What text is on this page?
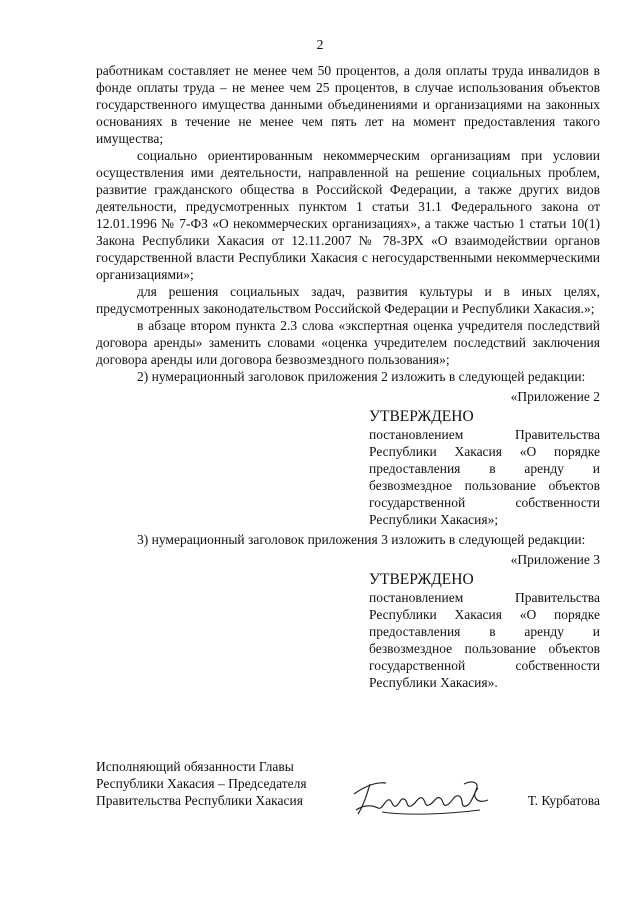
2

работникам составляет не менее чем 50 процентов, а доля оплаты труда инвалидов в фонде оплаты труда – не менее чем 25 процентов, в случае использования объектов государственного имущества данными объединениями и организациями на законных основаниях в течение не менее чем пять лет на момент предоставления такого имущества;

социально ориентированным некоммерческим организациям при условии осуществления ими деятельности, направленной на решение социальных проблем, развитие гражданского общества в Российской Федерации, а также других видов деятельности, предусмотренных пунктом 1 статьи 31.1 Федерального закона от 12.01.1996 № 7-ФЗ «О некоммерческих организациях», а также частью 1 статьи 10(1) Закона Республики Хакасия от 12.11.2007 № 78-ЗРХ «О взаимодействии органов государственной власти Республики Хакасия с негосударственными некоммерческими организациями»;

для решения социальных задач, развития культуры и в иных целях, предусмотренных законодательством Российской Федерации и Республики Хакасия.»;

в абзаце втором пункта 2.3 слова «экспертная оценка учредителя последствий договора аренды» заменить словами «оценка учредителем последствий заключения договора аренды или договора безвозмездного пользования»;

2) нумерационный заголовок приложения 2 изложить в следующей редакции:

«Приложение 2

УТВЕРЖДЕНО

постановлением Правительства Республики Хакасия «О порядке предоставления в аренду и безвозмездное пользование объектов государственной собственности Республики Хакасия»;

3) нумерационный заголовок приложения 3 изложить в следующей редакции:

«Приложение 3

УТВЕРЖДЕНО

постановлением Правительства Республики Хакасия «О порядке предоставления в аренду и безвозмездное пользование объектов государственной собственности Республики Хакасия».

Исполняющий обязанности Главы
Республики Хакасия – Председателя
Правительства Республики Хакасия	Т. Курбатова
